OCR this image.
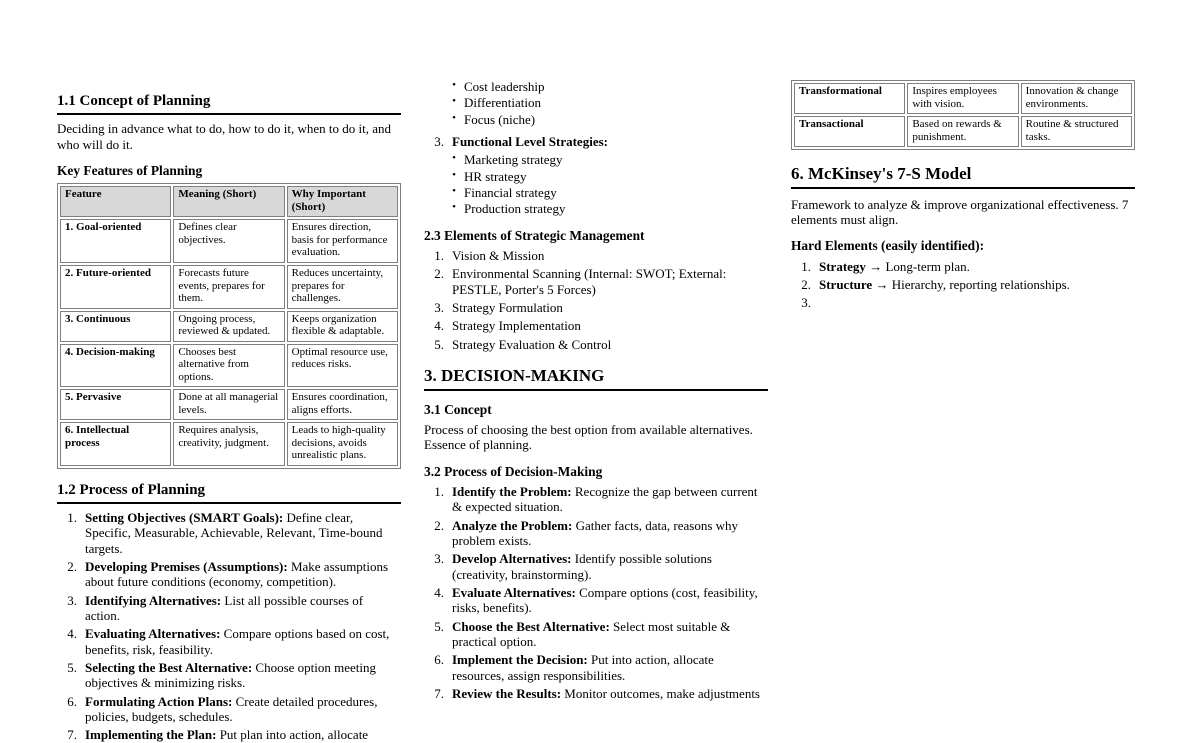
1.1 Concept of Planning
Deciding in advance what to do, how to do it, when to do it, and who will do it.
Key Features of Planning
Feature	Meaning (Short)	Why Important (Short)
1. Goal-oriented	Defines clear objectives.	Ensures direction, basis for performance evaluation.
2. Future-oriented	Forecasts future events, prepares for them.	Reduces uncertainty, prepares for challenges.
3. Continuous	Ongoing process, reviewed & updated.	Keeps organization flexible & adaptable.
4. Decision-making	Chooses best alternative from options.	Optimal resource use, reduces risks.
5. Pervasive	Done at all managerial levels.	Ensures coordination, aligns efforts.
6. Intellectual process	Requires analysis, creativity, judgment.	Leads to high-quality decisions, avoids unrealistic plans.
1.2 Process of Planning
1. Setting Objectives (SMART Goals): Define clear, Specific, Measurable, Achievable, Relevant, Time-bound targets.
2. Developing Premises (Assumptions): Make assumptions about future conditions (economy, competition).
3. Identifying Alternatives: List all possible courses of action.
4. Evaluating Alternatives: Compare options based on cost, benefits, risk, feasibility.
5. Selecting the Best Alternative: Choose option meeting objectives & minimizing risks.
6. Formulating Action Plans: Create detailed procedures, policies, budgets, schedules.
7. Implementing the Plan: Put plan into action, allocate
• Cost leadership
• Differentiation
• Focus (niche)
3. Functional Level Strategies:
• Marketing strategy
• HR strategy
• Financial strategy
• Production strategy
2.3 Elements of Strategic Management
1. Vision & Mission
2. Environmental Scanning (Internal: SWOT; External: PESTLE, Porter's 5 Forces)
3. Strategy Formulation
4. Strategy Implementation
5. Strategy Evaluation & Control
3. DECISION-MAKING
3.1 Concept
Process of choosing the best option from available alternatives. Essence of planning.
3.2 Process of Decision-Making
1. Identify the Problem: Recognize the gap between current & expected situation.
2. Analyze the Problem: Gather facts, data, reasons why problem exists.
3. Develop Alternatives: Identify possible solutions (creativity, brainstorming).
4. Evaluate Alternatives: Compare options (cost, feasibility, risks, benefits).
5. Choose the Best Alternative: Select most suitable & practical option.
6. Implement the Decision: Put into action, allocate resources, assign responsibilities.
7. Review the Results: Monitor outcomes, make adjustments
Transformational	Inspires employees with vision.	Innovation & change environments.
Transactional	Based on rewards & punishment.	Routine & structured tasks.
6. McKinsey's 7-S Model
Framework to analyze & improve organizational effectiveness. 7 elements must align.
Hard Elements (easily identified):
1. Strategy → Long-term plan.
2. Structure → Hierarchy, reporting relationships.
3.
